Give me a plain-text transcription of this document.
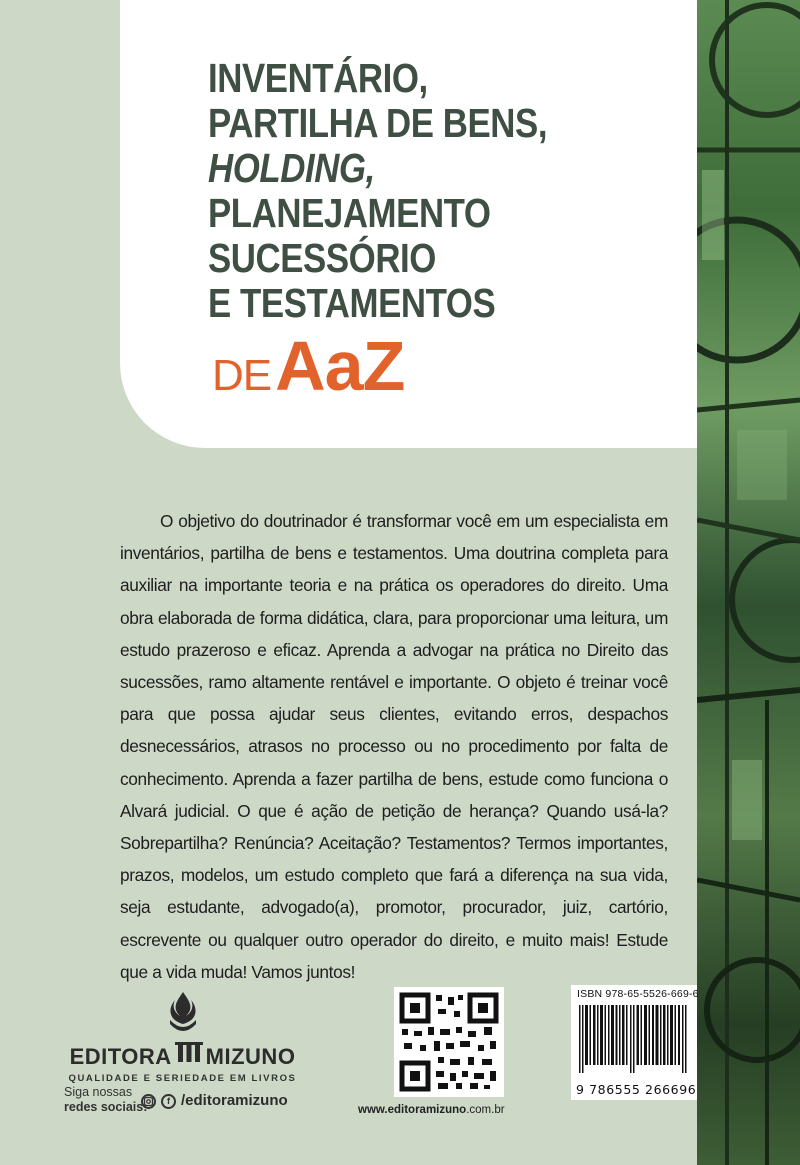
INVENTÁRIO,
PARTILHA DE BENS,
HOLDING,
PLANEJAMENTO
SUCESSÓRIO
E TESTAMENTOS
DEAaZ
O objetivo do doutrinador é transformar você em um especialista em inventários, partilha de bens e testamentos. Uma doutrina completa para auxiliar na importante teoria e na prática os operadores do direito. Uma obra elaborada de forma didática, clara, para proporcionar uma leitura, um estudo prazeroso e eficaz. Aprenda a advogar na prática no Direito das sucessões, ramo altamente rentável e importante. O objeto é treinar você para que possa ajudar seus clientes, evitando erros, despachos desnecessários, atrasos no processo ou no procedimento por falta de conhecimento. Aprenda a fazer partilha de bens, estude como funciona o Alvará judicial. O que é ação de petição de herança? Quando usá-la? Sobrepartilha? Renúncia? Aceitação? Testamentos? Termos importantes, prazos, modelos, um estudo completo que fará a diferença na sua vida, seja estudante, advogado(a), promotor, procurador, juiz, cartório, escrevente ou qualquer outro operador do direito, e muito mais! Estude que a vida muda! Vamos juntos!
EDITORA MIZUNO
QUALIDADE E SERIEDADE EM LIVROS
Siga nossas
redes sociais:	f /editoramizuno
www.editoramizuno.com.br
ISBN 978-65-5526-669-6
9 786555 266696
